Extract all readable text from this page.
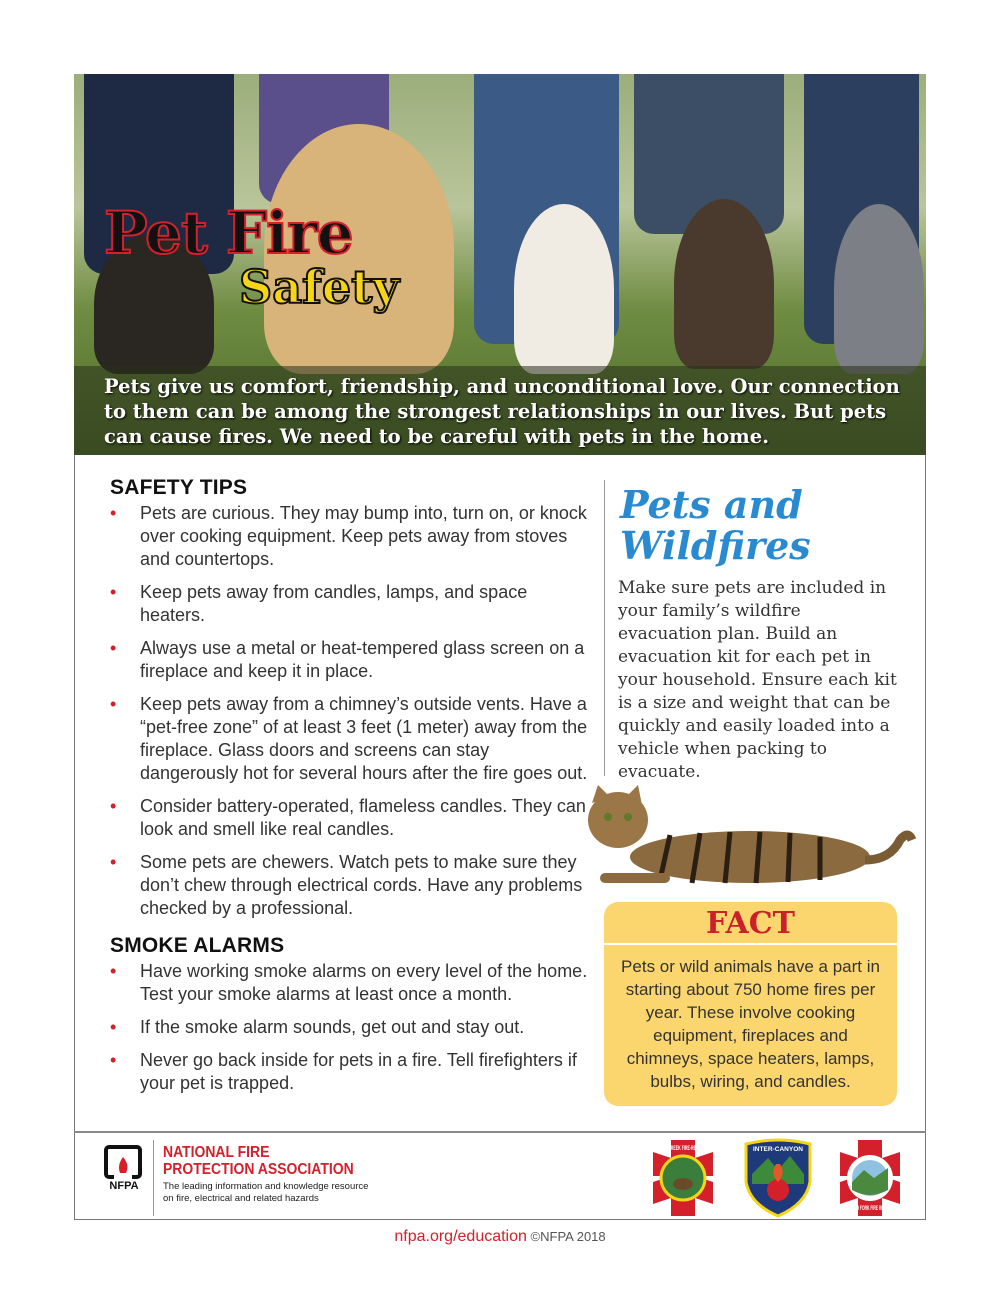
Pet Fire
Safety
Pets give us comfort, friendship, and unconditional love. Our connection to them can be among the strongest relationships in our lives. But pets can cause fires. We need to be careful with pets in the home.
SAFETY TIPS
• Pets are curious. They may bump into, turn on, or knock over cooking equipment. Keep pets away from stoves and countertops.
• Keep pets away from candles, lamps, and space heaters.
• Always use a metal or heat-tempered glass screen on a fireplace and keep it in place.
• Keep pets away from a chimney’s outside vents. Have a “pet-free zone” of at least 3 feet (1 meter) away from the fireplace. Glass doors and screens can stay dangerously hot for several hours after the fire goes out.
• Consider battery-operated, flameless candles. They can look and smell like real candles.
• Some pets are chewers. Watch pets to make sure they don’t chew through electrical cords. Have any problems checked by a professional.
SMOKE ALARMS
• Have working smoke alarms on every level of the home. Test your smoke alarms at least once a month.
• If the smoke alarm sounds, get out and stay out.
• Never go back inside for pets in a fire. Tell firefighters if your pet is trapped.
Pets and Wildfires
Make sure pets are included in your family’s wildfire evacuation plan. Build an evacuation kit for each pet in your household. Ensure each kit is a size and weight that can be quickly and easily loaded into a vehicle when packing to evacuate.
FACT

Pets or wild animals have a part in starting about 750 home fires per year. These involve cooking equipment, fireplaces and chimneys, space heaters, lamps, bulbs, wiring, and candles.

NFPA
NATIONAL FIRE
PROTECTION ASSOCIATION
The leading information and knowledge resource
on fire, electrical and related hazards
ELK CREEK FIRE-RESCUE	INTER-CANYON
NORTH FORK FIRE RESCUE
nfpa.org/education ©NFPA 2018
